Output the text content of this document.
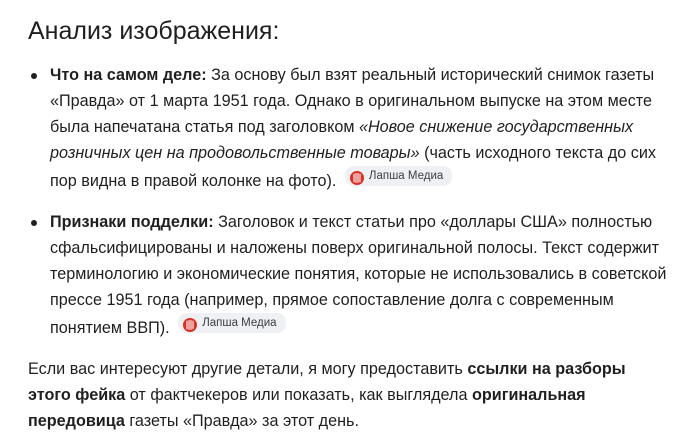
Анализ изображения:
Что на самом деле: За основу был взят реальный исторический снимок газеты «Правда» от 1 марта 1951 года. Однако в оригинальном выпуске на этом месте была напечатана статья под заголовком «Новое снижение государственных розничных цен на продовольственные товары» (часть исходного текста до сих пор видна в правой колонке на фото).	Лапша Медиа
Признаки подделки: Заголовок и текст статьи про «доллары США» полностью сфальсифицированы и наложены поверх оригинальной полосы. Текст содержит терминологию и экономические понятия, которые не использовались в советской прессе 1951 года (например, прямое сопоставление долга с современным понятием ВВП).	Лапша Медиа
Если вас интересуют другие детали, я могу предоставить ссылки на разборы этого фейка от фактчекеров или показать, как выглядела оригинальная передовица газеты «Правда» за этот день.
